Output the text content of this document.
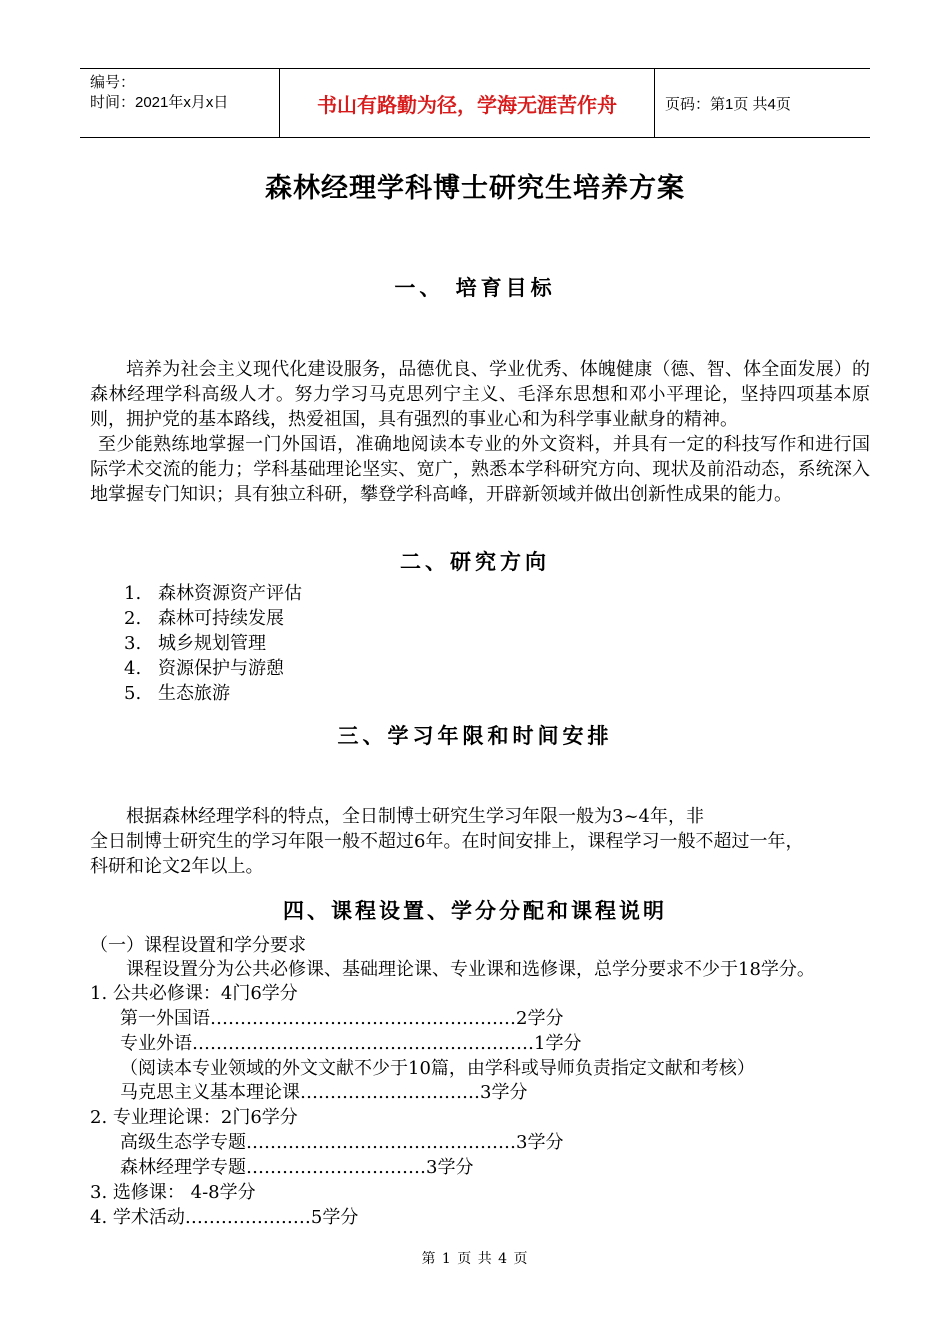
编号：
时间：2021年x月x日	书山有路勤为径，学海无涯苦作舟	页码：第1页 共4页
森林经理学科博士研究生培养方案
一、 培育目标
培养为社会主义现代化建设服务，品德优良、学业优秀、体魄健康（德、智、体全面发展）的森林经理学科高级人才。努力学习马克思列宁主义、毛泽东思想和邓小平理论，坚持四项基本原则，拥护党的基本路线，热爱祖国，具有强烈的事业心和为科学事业献身的精神。
至少能熟练地掌握一门外国语，准确地阅读本专业的外文资料，并具有一定的科技写作和进行国际学术交流的能力；学科基础理论坚实、宽广，熟悉本学科研究方向、现状及前沿动态，系统深入地掌握专门知识；具有独立科研，攀登学科高峰，开辟新领域并做出创新性成果的能力。
二、研究方向
1. 森林资源资产评估
2. 森林可持续发展
3. 城乡规划管理
4. 资源保护与游憩
5. 生态旅游
三、学习年限和时间安排
根据森林经理学科的特点，全日制博士研究生学习年限一般为3~4年，非
全日制博士研究生的学习年限一般不超过6年。在时间安排上，课程学习一般不超过一年，
科研和论文2年以上。
四、课程设置、学分分配和课程说明
（一）课程设置和学分要求
课程设置分为公共必修课、基础理论课、专业课和选修课，总学分要求不少于18学分。
1. 公共必修课：4门6学分
第一外国语……………………………………………2学分
专业外语…………………………………………………1学分
（阅读本专业领域的外文文献不少于10篇，由学科或导师负责指定文献和考核）
马克思主义基本理论课…………………………3学分
2. 专业理论课：2门6学分
高级生态学专题………………………………………3学分
森林经理学专题…………………………3学分
3. 选修课： 4-8学分
4. 学术活动…………………5学分
第 1 页 共 4 页
